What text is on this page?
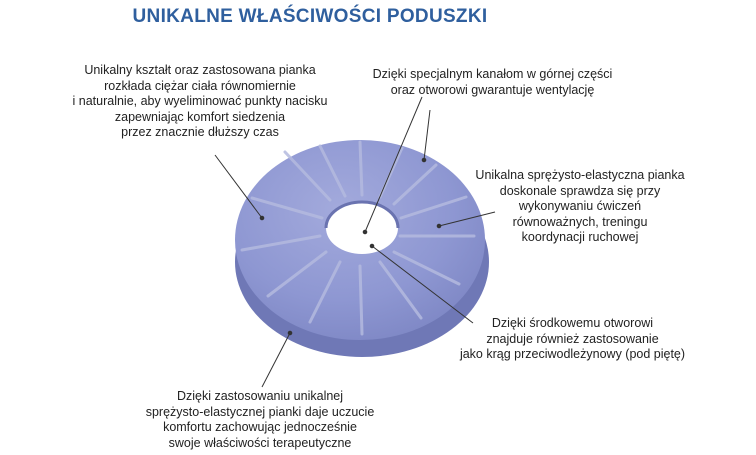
UNIKALNE WŁAŚCIWOŚCI PODUSZKI
Unikalny kształt oraz zastosowana pianka
rozkłada ciężar ciała równomiernie
i naturalnie, aby wyeliminować punkty nacisku
zapewniając komfort siedzenia
przez znacznie dłuższy czas
Dzięki specjalnym kanałom w górnej części
oraz otworowi gwarantuje wentylację
Unikalna sprężysto-elastyczna pianka
doskonale sprawdza się przy
wykonywaniu ćwiczeń
równoważnych, treningu
koordynacji ruchowej
Dzięki środkowemu otworowi
znajduje również zastosowanie
jako krąg przeciwodleżynowy (pod piętę)
Dzięki zastosowaniu unikalnej
sprężysto-elastycznej pianki daje uczucie
komfortu zachowując jednocześnie
swoje właściwości terapeutyczne
